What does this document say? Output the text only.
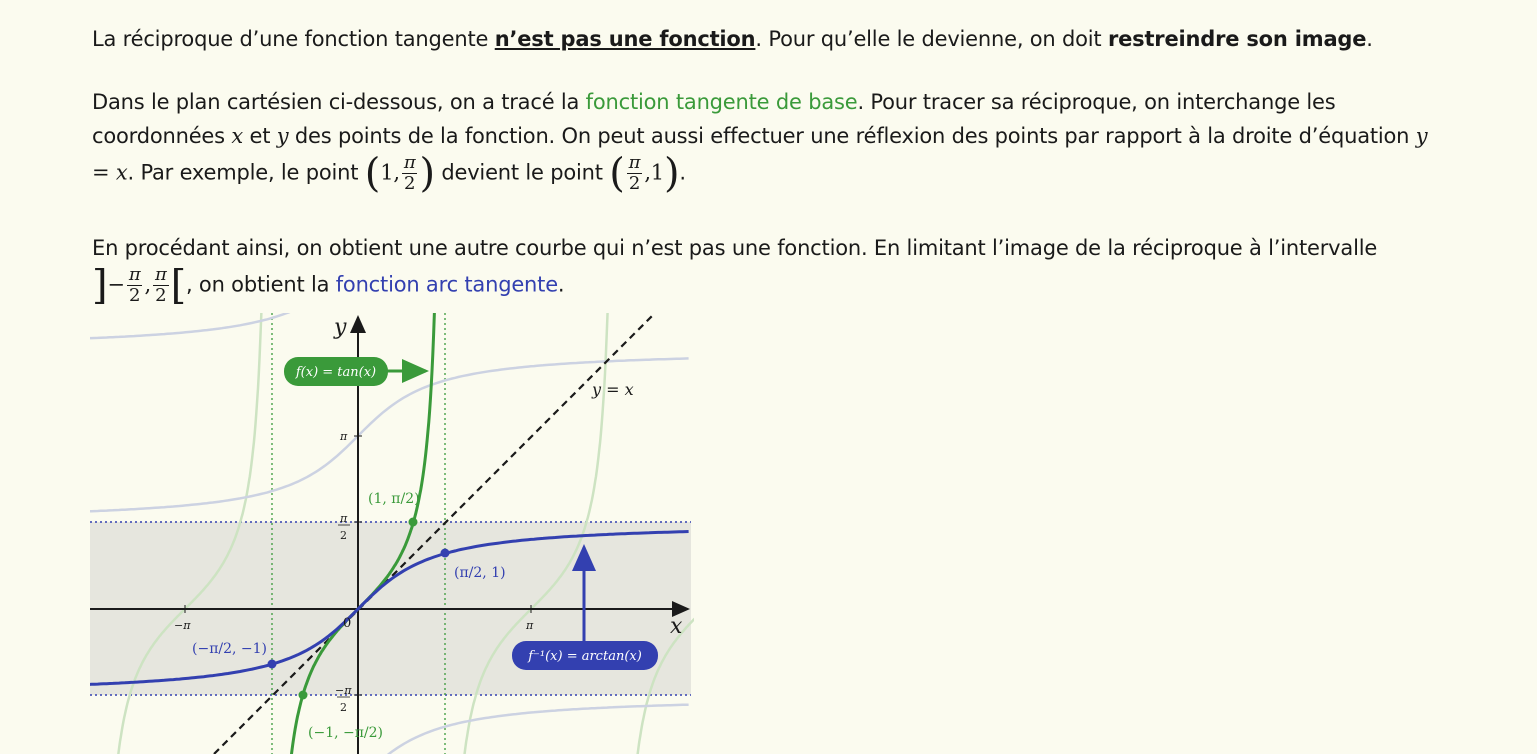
La réciproque d’une fonction tangente n’est pas une fonction. Pour qu’elle le devienne, on doit restreindre son image.

Dans le plan cartésien ci-dessous, on a tracé la fonction tangente de base. Pour tracer sa réciproque, on interchange les coordonnées x et y des points de la fonction. On peut aussi effectuer une réflexion des points par rapport à la droite d’équation y = x. Par exemple, le point (1, $\frac{\pi}{2}$ ) devient le point ( $\frac{\pi}{2} ,1$).

En procédant ainsi, on obtient une autre courbe qui n’est pas une fonction. En limitant l’image de la réciproque à l’intervalle ]− $\frac{\pi}{2}$ , $\frac{\pi}{2}$ [, on obtient la fonction arc tangente.

f(x) = tan(x)
f⁻¹(x) = arctan(x)
x
y
y = x
0	π
−π
π
π
2
−π
2
(1, π/2)
(−1, −π/2)
(π/2, 1)
(−π/2, −1)
